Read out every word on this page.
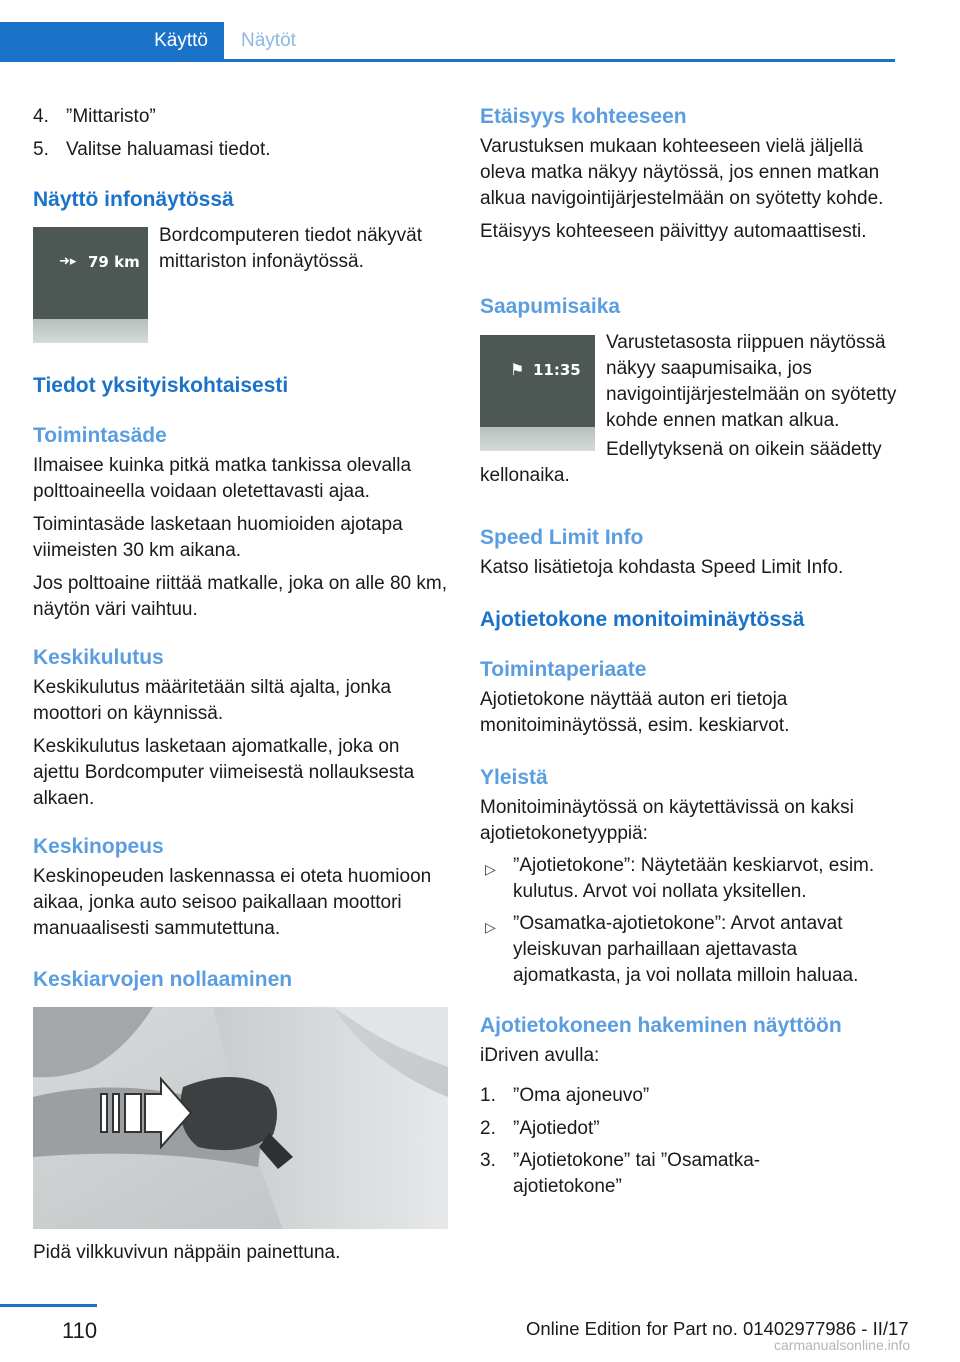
Käyttö Näytöt
4. ”Mittaristo”
5. Valitse haluamasi tiedot.
Näyttö infonäytössä
➜▸ 79 km
Bordcomputeren tiedot näkyvät mittariston infonäytössä.
Tiedot yksityiskohtaisesti
Toimintasäde

Ilmaisee kuinka pitkä matka tankissa olevalla polttoaineella voidaan oletettavasti ajaa.

Toimintasäde lasketaan huomioiden ajotapa viimeisten 30 km aikana.

Jos polttoaine riittää matkalle, joka on alle 80 km, näytön väri vaihtuu.

Keskikulutus

Keskikulutus määritetään siltä ajalta, jonka moottori on käynnissä.

Keskikulutus lasketaan ajomatkalle, joka on ajettu Bordcomputer viimeisestä nollauksesta alkaen.

Keskinopeus

Keskinopeuden laskennassa ei oteta huomioon aikaa, jonka auto seisoo paikallaan moottori manuaalisesti sammutettuna.

Keskiarvojen nollaaminen
Pidä vilkkuvivun näppäin painettuna.
Etäisyys kohteeseen

Varustuksen mukaan kohteeseen vielä jäljellä oleva matka näkyy näytössä, jos ennen matkan alkua navigointijärjestelmään on syötetty kohde.

Etäisyys kohteeseen päivittyy automaattisesti.

Saapumisaika
⚑ 11:35

Varustetasosta riippuen näytössä näkyy saapumisaika, jos navigointijärjestelmään on syötetty kohde ennen matkan alkua.

Edellytyksenä on oikein säädetty kellonaika.
Speed Limit Info

Katso lisätietoja kohdasta Speed Limit Info.

Ajotietokone monitoiminäytössä
Toimintaperiaate

Ajotietokone näyttää auton eri tietoja monitoiminäytössä, esim. keskiarvot.

Yleistä

Monitoiminäytössä on käytettävissä on kaksi ajotietokonetyyppiä:

▷ ”Ajotietokone”: Näytetään keskiarvot, esim. kulutus. Arvot voi nollata yksitellen.
▷ ”Osamatka-ajotietokone”: Arvot antavat yleiskuvan parhaillaan ajettavasta ajomatkasta, ja voi nollata milloin haluaa.
Ajotietokoneen hakeminen näyttöön

iDriven avulla:

1. ”Oma ajoneuvo”
2. ”Ajotiedot”
3. ”Ajotietokone” tai ”Osamatka-ajotietokone”
110	Online Edition for Part no. 01402977986 - II/17
carmanualsonline.info
